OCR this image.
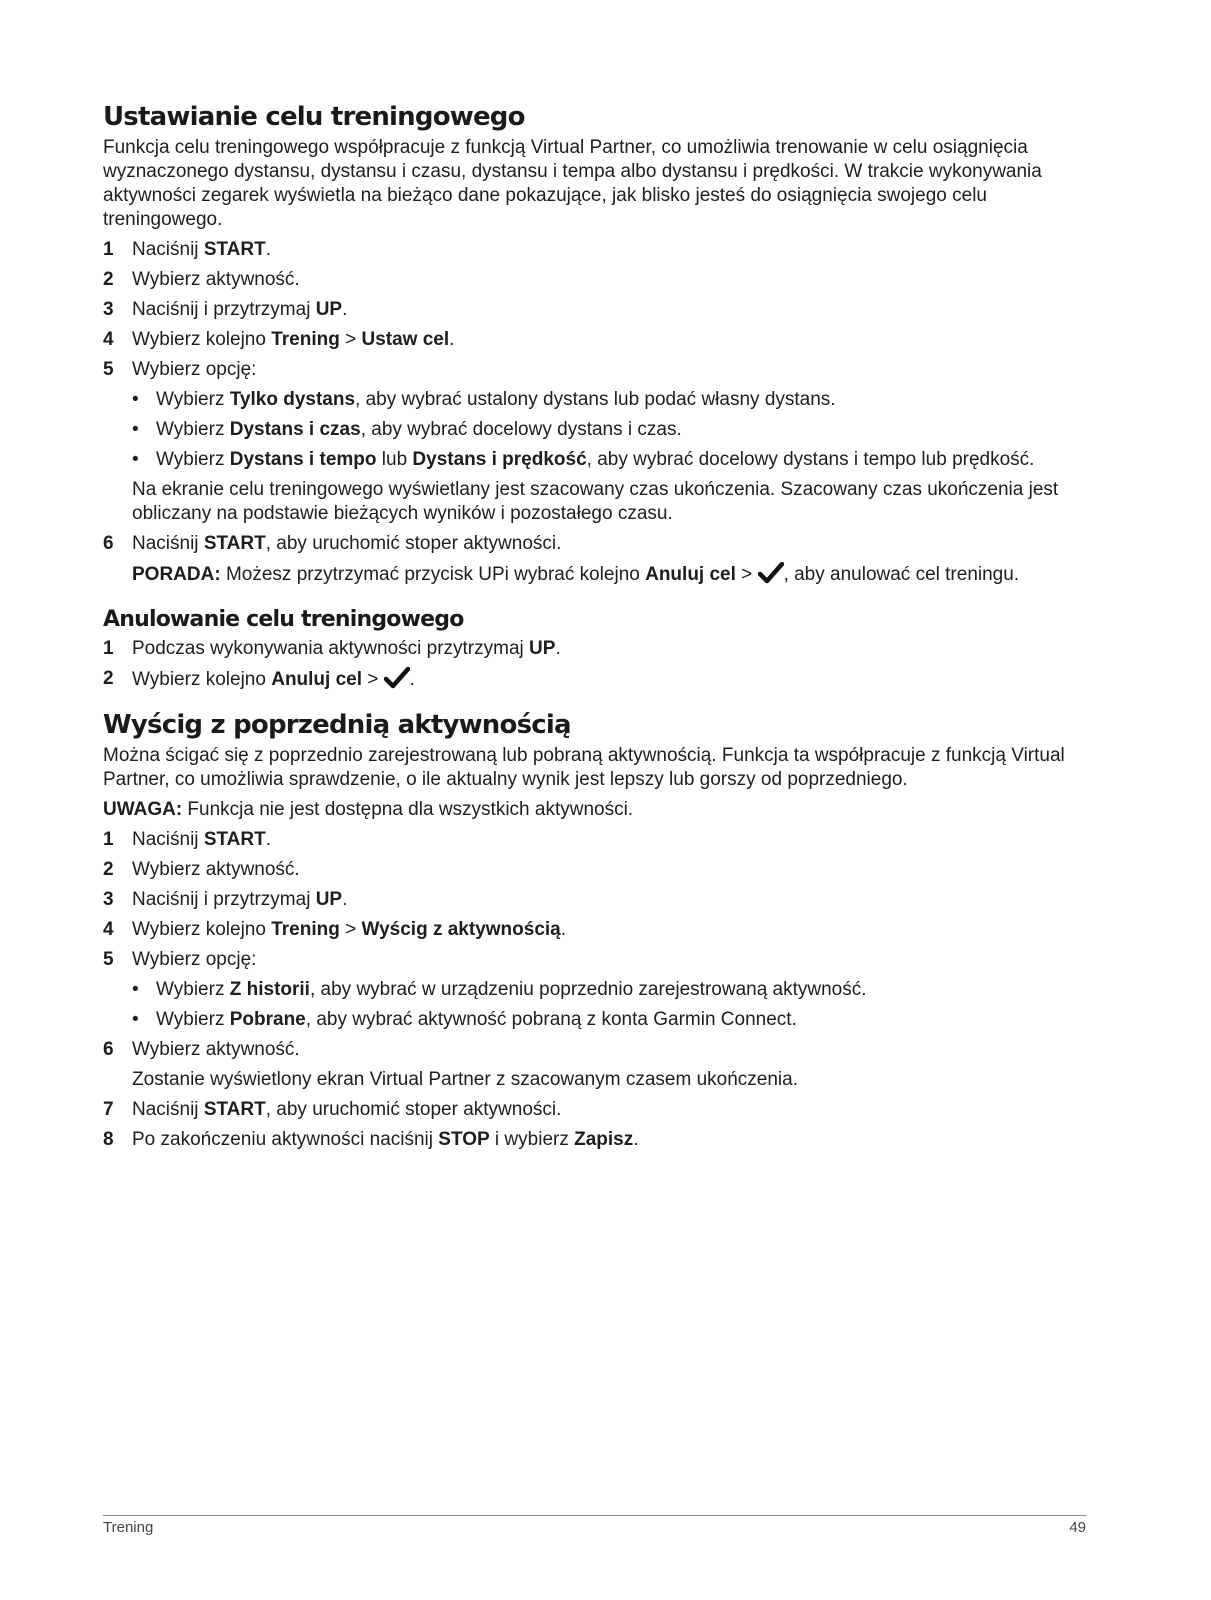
Ustawianie celu treningowego

Funkcja celu treningowego współpracuje z funkcją Virtual Partner, co umożliwia trenowanie w celu osiągnięcia wyznaczonego dystansu, dystansu i czasu, dystansu i tempa albo dystansu i prędkości. W trakcie wykonywania aktywności zegarek wyświetla na bieżąco dane pokazujące, jak blisko jesteś do osiągnięcia swojego celu treningowego.

1 Naciśnij START.
2 Wybierz aktywność.
3 Naciśnij i przytrzymaj UP.
4 Wybierz kolejno Trening > Ustaw cel.
5 Wybierz opcję:
• Wybierz Tylko dystans, aby wybrać ustalony dystans lub podać własny dystans.
• Wybierz Dystans i czas, aby wybrać docelowy dystans i czas.
• Wybierz Dystans i tempo lub Dystans i prędkość, aby wybrać docelowy dystans i tempo lub prędkość.

Na ekranie celu treningowego wyświetlany jest szacowany czas ukończenia. Szacowany czas ukończenia jest obliczany na podstawie bieżących wyników i pozostałego czasu.

6 Naciśnij START, aby uruchomić stoper aktywności.

PORADA: Możesz przytrzymać przycisk UPi wybrać kolejno Anuluj cel > , aby anulować cel treningu.

Anulowanie celu treningowego
1 Podczas wykonywania aktywności przytrzymaj UP.
2 Wybierz kolejno Anuluj cel > .
Wyścig z poprzednią aktywnością

Można ścigać się z poprzednio zarejestrowaną lub pobraną aktywnością. Funkcja ta współpracuje z funkcją Virtual Partner, co umożliwia sprawdzenie, o ile aktualny wynik jest lepszy lub gorszy od poprzedniego.

UWAGA: Funkcja nie jest dostępna dla wszystkich aktywności.

1 Naciśnij START.
2 Wybierz aktywność.
3 Naciśnij i przytrzymaj UP.
4 Wybierz kolejno Trening > Wyścig z aktywnością.
5 Wybierz opcję:
• Wybierz Z historii, aby wybrać w urządzeniu poprzednio zarejestrowaną aktywność.
• Wybierz Pobrane, aby wybrać aktywność pobraną z konta Garmin Connect.
6 Wybierz aktywność.

Zostanie wyświetlony ekran Virtual Partner z szacowanym czasem ukończenia.

7 Naciśnij START, aby uruchomić stoper aktywności.
8 Po zakończeniu aktywności naciśnij STOP i wybierz Zapisz.
Trening	49
